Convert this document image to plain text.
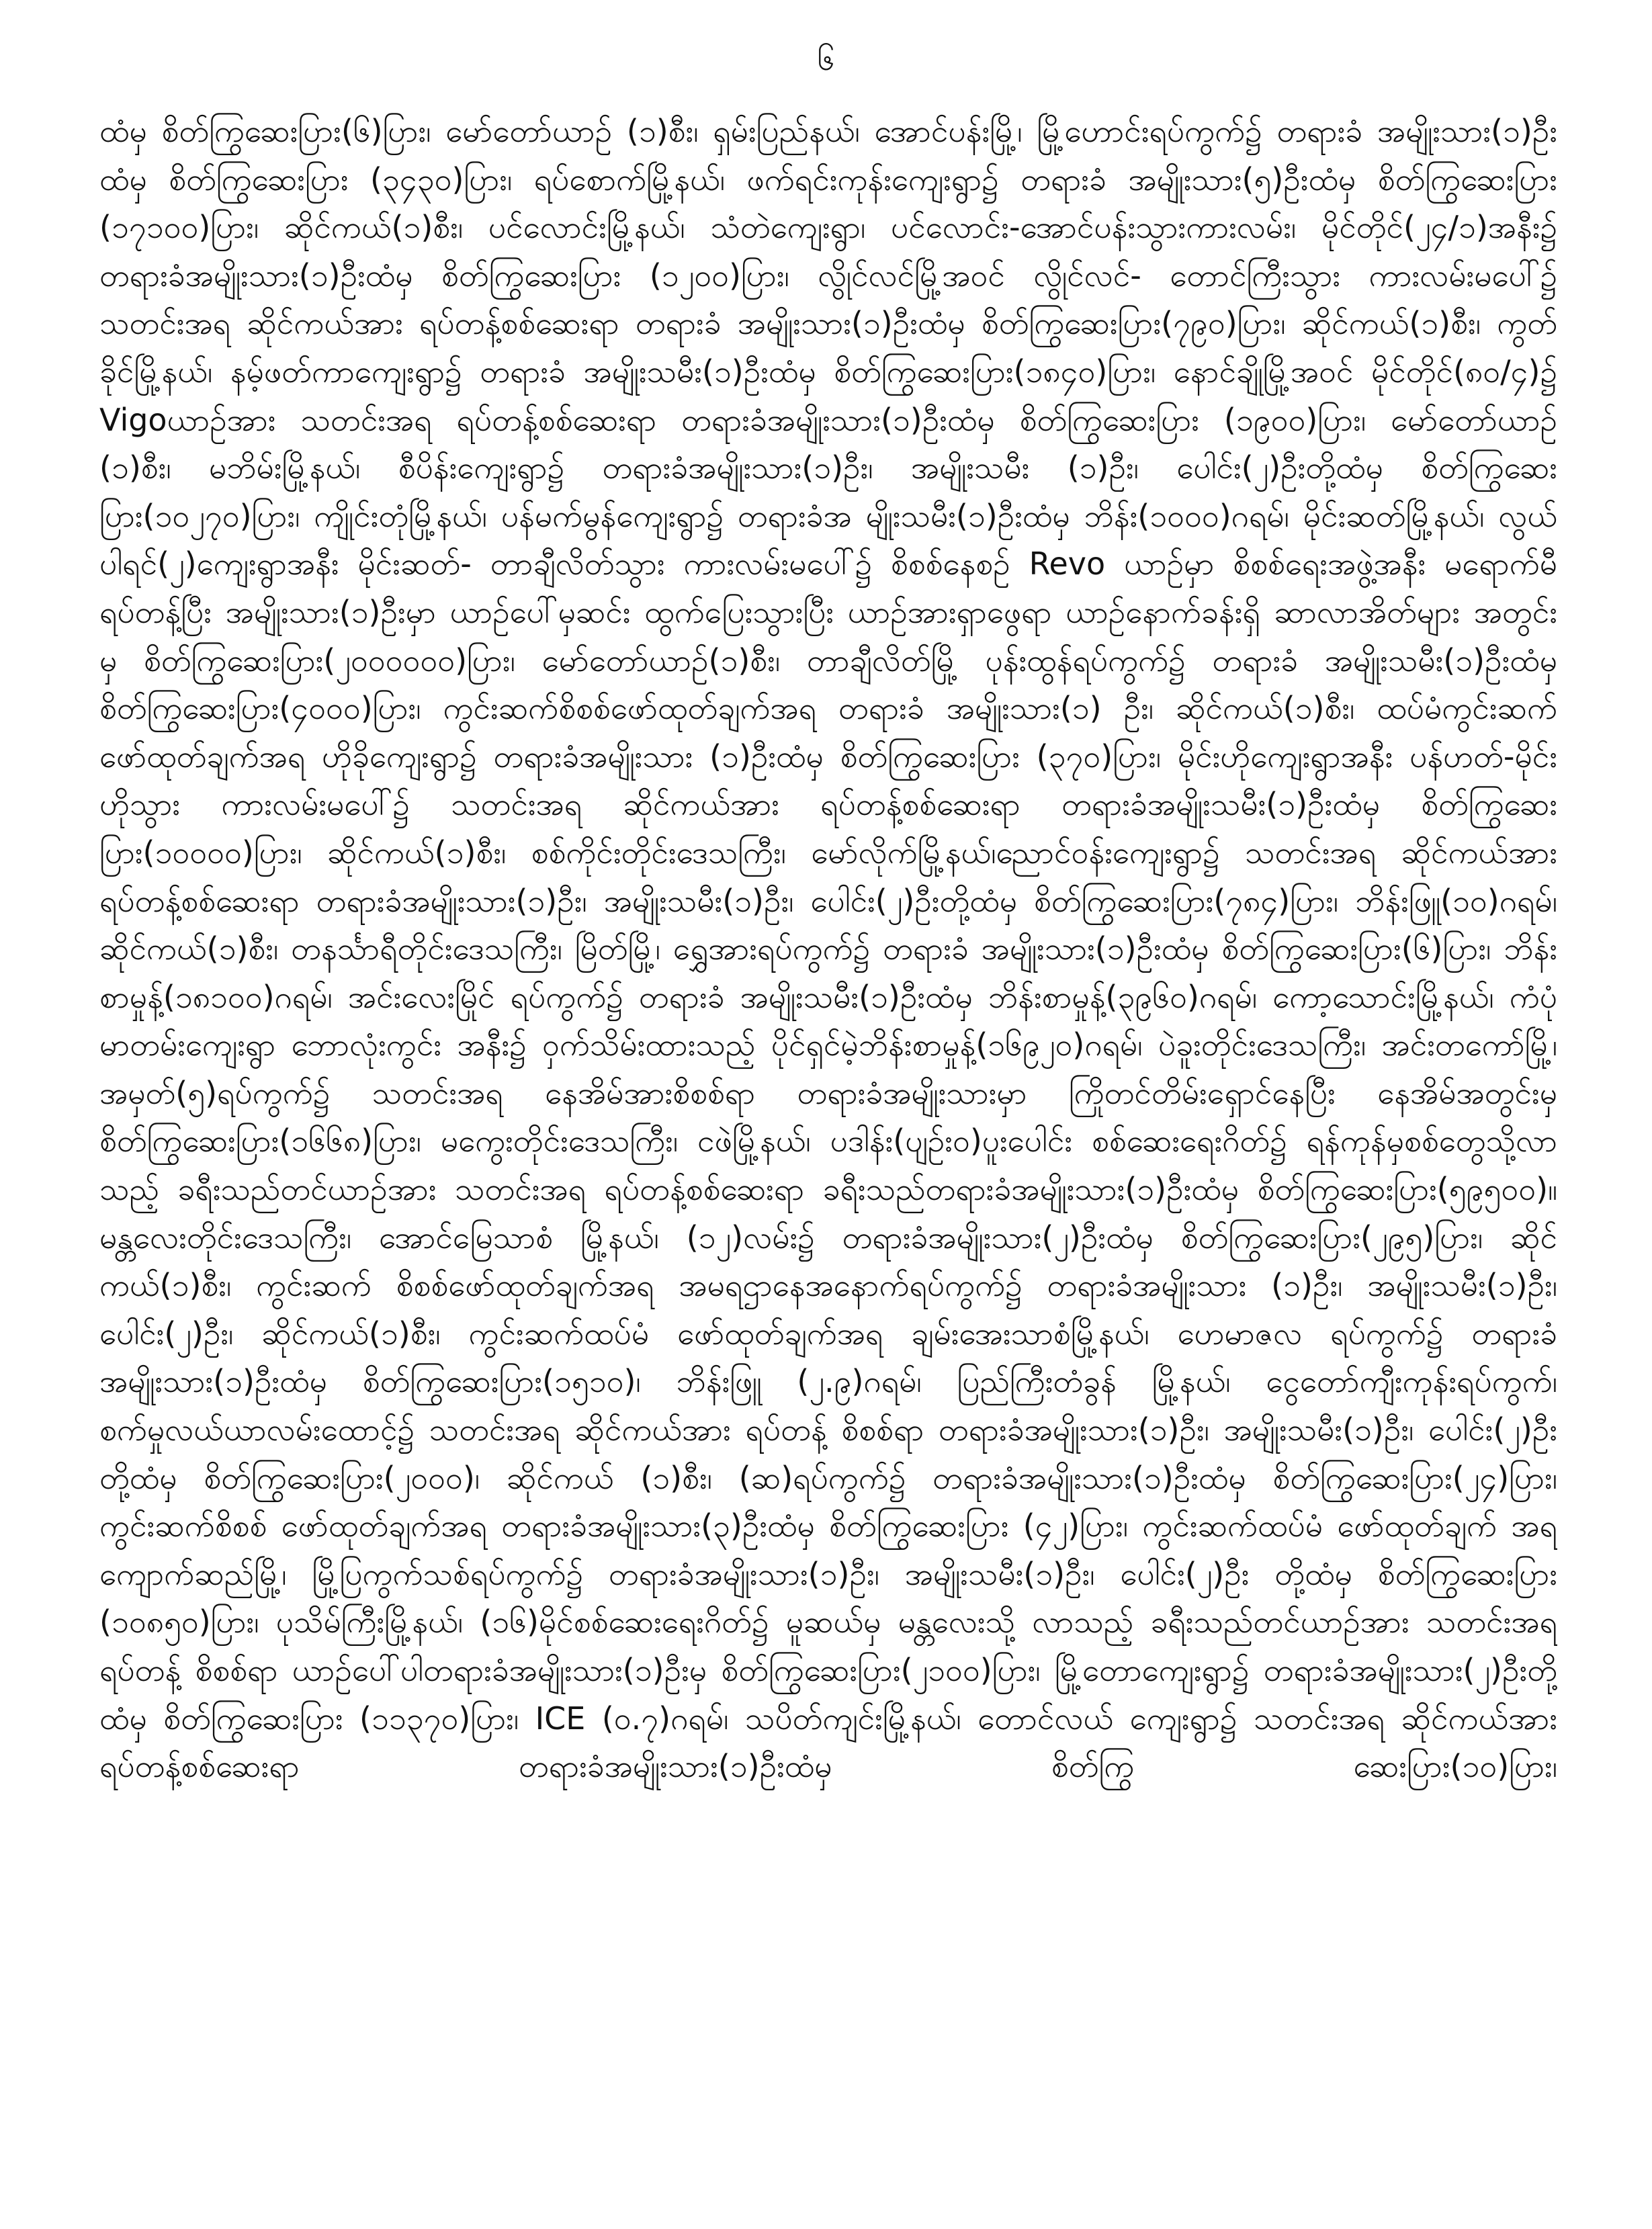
၆

ထံမှ စိတ်ကြွဆေးပြား(၆)ပြား၊ မော်တော်ယာဉ် (၁)စီး၊ ရှမ်းပြည်နယ်၊ အောင်ပန်းမြို့၊ မြို့ဟောင်းရပ်ကွက်၌ တရားခံ အမျိုးသား(၁)ဦးထံမှ စိတ်ကြွဆေးပြား (၃၄၃၀)ပြား၊ ရပ်စောက်မြို့နယ်၊ ဖက်ရင်းကုန်းကျေးရွာ၌ တရားခံ အမျိုးသား(၅)ဦးထံမှ စိတ်ကြွဆေးပြား (၁၇၁၀၀)ပြား၊ ဆိုင်ကယ်(၁)စီး၊ ပင်လောင်းမြို့နယ်၊ သံတဲကျေးရွာ၊ ပင်လောင်း-အောင်ပန်းသွားကားလမ်း၊ မိုင်တိုင်(၂၄/၁)အနီး၌ တရားခံအမျိုးသား(၁)ဦးထံမှ စိတ်ကြွဆေးပြား (၁၂၀၀)ပြား၊ လွိုင်လင်မြို့အဝင် လွိုင်လင်- တောင်ကြီးသွား ကားလမ်းမပေါ်၌ သတင်းအရ ဆိုင်ကယ်အား ရပ်တန့်စစ်ဆေးရာ တရားခံ အမျိုးသား(၁)ဦးထံမှ စိတ်ကြွဆေးပြား(၇၉၀)ပြား၊ ဆိုင်ကယ်(၁)စီး၊ ကွတ်ခိုင်မြို့နယ်၊ နမ့်ဖတ်ကာကျေးရွာ၌ တရားခံ အမျိုးသမီး(၁)ဦးထံမှ စိတ်ကြွဆေးပြား(၁၈၄၀)ပြား၊ နောင်ချိုမြို့အဝင် မိုင်တိုင်(၈၀/၄)၌ Vigoယာဉ်အား သတင်းအရ ရပ်တန့်စစ်ဆေးရာ တရားခံအမျိုးသား(၁)ဦးထံမှ စိတ်ကြွဆေးပြား (၁၉၀၀)ပြား၊ မော်တော်ယာဉ် (၁)စီး၊ မဘိမ်းမြို့နယ်၊ စီပိန်းကျေးရွာ၌ တရားခံအမျိုးသား(၁)ဦး၊ အမျိုးသမီး (၁)ဦး၊ ပေါင်း(၂)ဦးတို့ထံမှ စိတ်ကြွဆေးပြား(၁၀၂၇၀)ပြား၊ ကျိုင်းတုံမြို့နယ်၊ ပန်မက်မွန်ကျေးရွာ၌ တရားခံအ မျိုးသမီး(၁)ဦးထံမှ ဘိန်း(၁၀၀၀)ဂရမ်၊ မိုင်းဆတ်မြို့နယ်၊ လွယ်ပါရင်(၂)ကျေးရွာအနီး မိုင်းဆတ်- တာချီလိတ်သွား ကားလမ်းမပေါ်၌ စိစစ်နေစဉ် Revo ယာဉ်မှာ စိစစ်ရေးအဖွဲ့အနီး မရောက်မီ ရပ်တန့်ပြီး အမျိုးသား(၁)ဦးမှာ ယာဉ်ပေါ်မှဆင်း ထွက်ပြေးသွားပြီး ယာဉ်အားရှာဖွေရာ ယာဉ်နောက်ခန်းရှိ ဆာလာအိတ်များ အတွင်းမှ စိတ်ကြွဆေးပြား(၂၀၀၀၀၀၀)ပြား၊ မော်တော်ယာဉ်(၁)စီး၊ တာချီလိတ်မြို့ ပုန်းထွန်ရပ်ကွက်၌ တရားခံ အမျိုးသမီး(၁)ဦးထံမှ စိတ်ကြွဆေးပြား(၄၀၀၀)ပြား၊ ကွင်းဆက်စိစစ်ဖော်ထုတ်ချက်အရ တရားခံ အမျိုးသား(၁) ဦး၊ ဆိုင်ကယ်(၁)စီး၊ ထပ်မံကွင်းဆက်ဖော်ထုတ်ချက်အရ ဟိုခိုကျေးရွာ၌ တရားခံအမျိုးသား (၁)ဦးထံမှ စိတ်ကြွဆေးပြား (၃၇၀)ပြား၊ မိုင်းဟိုကျေးရွာအနီး ပန်ဟတ်-မိုင်းဟိုသွား ကားလမ်းမပေါ်၌ သတင်းအရ ဆိုင်ကယ်အား ရပ်တန့်စစ်ဆေးရာ တရားခံအမျိုးသမီး(၁)ဦးထံမှ စိတ်ကြွဆေးပြား(၁၀၀၀၀)ပြား၊ ဆိုင်ကယ်(၁)စီး၊ စစ်ကိုင်းတိုင်းဒေသကြီး၊ မော်လိုက်မြို့နယ်၊ညောင်ဝန်းကျေးရွာ၌ သတင်းအရ ဆိုင်ကယ်အား ရပ်တန့်စစ်ဆေးရာ တရားခံအမျိုးသား(၁)ဦး၊ အမျိုးသမီး(၁)ဦး၊ ပေါင်း(၂)ဦးတို့ထံမှ စိတ်ကြွဆေးပြား(၇၈၄)ပြား၊ ဘိန်းဖြူ(၁၀)ဂရမ်၊ ဆိုင်ကယ်(၁)စီး၊ တနင်္သာရီတိုင်းဒေသကြီး၊ မြိတ်မြို့၊ ရွှေအားရပ်ကွက်၌ တရားခံ အမျိုးသား(၁)ဦးထံမှ စိတ်ကြွဆေးပြား(၆)ပြား၊ ဘိန်းစာမှုန့်(၁၈၁၀၀)ဂရမ်၊ အင်းလေးမြိုင် ရပ်ကွက်၌ တရားခံ အမျိုးသမီး(၁)ဦးထံမှ ဘိန်းစာမှုန့်(၃၉၆၀)ဂရမ်၊ ကော့သောင်းမြို့နယ်၊ ကံပုံမာတမ်းကျေးရွာ ဘောလုံးကွင်း အနီး၌ ဝှက်သိမ်းထားသည့် ပိုင်ရှင်မဲ့ဘိန်းစာမှုန့်(၁၆၉၂၀)ဂရမ်၊ ပဲခူးတိုင်းဒေသကြီး၊ အင်းတကော်မြို့၊ အမှတ်(၅)ရပ်ကွက်၌ သတင်းအရ နေအိမ်အားစိစစ်ရာ တရားခံအမျိုးသားမှာ ကြိုတင်တိမ်းရှောင်နေပြီး နေအိမ်အတွင်းမှ စိတ်ကြွဆေးပြား(၁၆၆၈)ပြား၊ မကွေးတိုင်းဒေသကြီး၊ ငဖဲမြို့နယ်၊ ပဒါန်း(ပျဉ်း၀)ပူးပေါင်း စစ်ဆေးရေးဂိတ်၌ ရန်ကုန်မှစစ်တွေသို့လာသည့် ခရီးသည်တင်ယာဉ်အား သတင်းအရ ရပ်တန့်စစ်ဆေးရာ ခရီးသည်တရားခံအမျိုးသား(၁)ဦးထံမှ စိတ်ကြွဆေးပြား(၅၉၅၀၀)။ မန္တလေးတိုင်းဒေသကြီး၊ အောင်မြေသာစံ မြို့နယ်၊ (၁၂)လမ်း၌ တရားခံအမျိုးသား(၂)ဦးထံမှ စိတ်ကြွဆေးပြား(၂၉၅)ပြား၊ ဆိုင်ကယ်(၁)စီး၊ ကွင်းဆက် စိစစ်ဖော်ထုတ်ချက်အရ အမရဌာနေအနောက်ရပ်ကွက်၌ တရားခံအမျိုးသား (၁)ဦး၊ အမျိုးသမီး(၁)ဦး၊ ပေါင်း(၂)ဦး၊ ဆိုင်ကယ်(၁)စီး၊ ကွင်းဆက်ထပ်မံ ဖော်ထုတ်ချက်အရ ချမ်းအေးသာစံမြို့နယ်၊ ဟေမာဇလ ရပ်ကွက်၌ တရားခံအမျိုးသား(၁)ဦးထံမှ စိတ်ကြွဆေးပြား(၁၅၁၀)၊ ဘိန်းဖြူ (၂.၉)ဂရမ်၊ ပြည်ကြီးတံခွန် မြို့နယ်၊ ငွေတော်ကျီးကုန်းရပ်ကွက်၊ စက်မှုလယ်ယာလမ်းထောင့်၌ သတင်းအရ ဆိုင်ကယ်အား ရပ်တန့် စိစစ်ရာ တရားခံအမျိုးသား(၁)ဦး၊ အမျိုးသမီး(၁)ဦး၊ ပေါင်း(၂)ဦးတို့ထံမှ စိတ်ကြွဆေးပြား(၂၀၀၀)၊ ဆိုင်ကယ် (၁)စီး၊ (ဆ)ရပ်ကွက်၌ တရားခံအမျိုးသား(၁)ဦးထံမှ စိတ်ကြွဆေးပြား(၂၄)ပြား၊ ကွင်းဆက်စိစစ် ဖော်ထုတ်ချက်အရ တရားခံအမျိုးသား(၃)ဦးထံမှ စိတ်ကြွဆေးပြား (၄၂)ပြား၊ ကွင်းဆက်ထပ်မံ ဖော်ထုတ်ချက် အရ ကျောက်ဆည်မြို့၊ မြို့ပြကွက်သစ်ရပ်ကွက်၌ တရားခံအမျိုးသား(၁)ဦး၊ အမျိုးသမီး(၁)ဦး၊ ပေါင်း(၂)ဦး တို့ထံမှ စိတ်ကြွဆေးပြား (၁၀၈၅၀)ပြား၊ ပုသိမ်ကြီးမြို့နယ်၊ (၁၆)မိုင်စစ်ဆေးရေးဂိတ်၌ မူဆယ်မှ မန္တလေးသို့ လာသည့် ခရီးသည်တင်ယာဉ်အား သတင်းအရ ရပ်တန့် စိစစ်ရာ ယာဉ်ပေါ်ပါတရားခံအမျိုးသား(၁)ဦးမှ စိတ်ကြွဆေးပြား(၂၁၀၀)ပြား၊ မြို့တောကျေးရွာ၌ တရားခံအမျိုးသား(၂)ဦးတို့ထံမှ စိတ်ကြွဆေးပြား (၁၁၃၇၀)ပြား၊ ICE (၀.၇)ဂရမ်၊ သပိတ်ကျင်းမြို့နယ်၊ တောင်လယ် ကျေးရွာ၌ သတင်းအရ ဆိုင်ကယ်အား ရပ်တန့်စစ်ဆေးရာ တရားခံအမျိုးသား(၁)ဦးထံမှ စိတ်ကြွ ဆေးပြား(၁၀)ပြား၊
